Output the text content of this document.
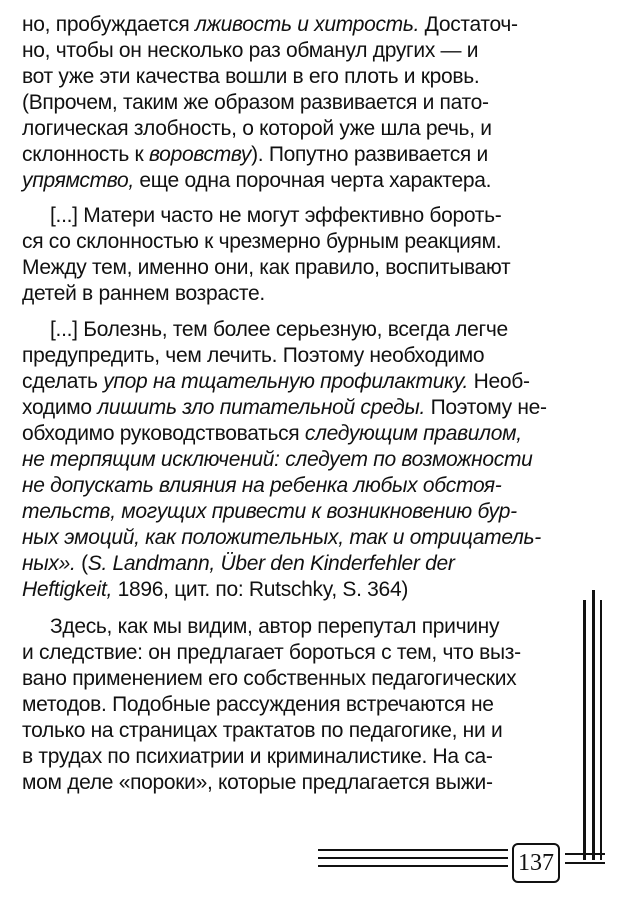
но, пробуждается лживость и хитрость. Достаточ-
но, чтобы он несколько раз обманул других — и
вот уже эти качества вошли в его плоть и кровь.
(Впрочем, таким же образом развивается и пато-
логическая злобность, о которой уже шла речь, и
склонность к воровству). Попутно развивается и
упрямство, еще одна порочная черта характера.
[...] Матери часто не могут эффективно бороть-
ся со склонностью к чрезмерно бурным реакциям.
Между тем, именно они, как правило, воспитывают
детей в раннем возрасте.
[...] Болезнь, тем более серьезную, всегда легче
предупредить, чем лечить. Поэтому необходимо
сделать упор на тщательную профилактику. Необ-
ходимо лишить зло питательной среды. Поэтому не-
обходимо руководствоваться следующим правилом,
не терпящим исключений: следует по возможности
не допускать влияния на ребенка любых обстоя-
тельств, могущих привести к возникновению бур-
ных эмоций, как положительных, так и отрицатель-
ных». (S. Landmann, Über den Kinderfehler der
Heftigkeit, 1896, цит. по: Rutschky, S. 364)
Здесь, как мы видим, автор перепутал причину
и следствие: он предлагает бороться с тем, что выз-
вано применением его собственных педагогических
методов. Подобные рассуждения встречаются не
только на страницах трактатов по педагогике, ни и
в трудах по психиатрии и криминалистике. На са-
мом деле «пороки», которые предлагается выжи-
137
